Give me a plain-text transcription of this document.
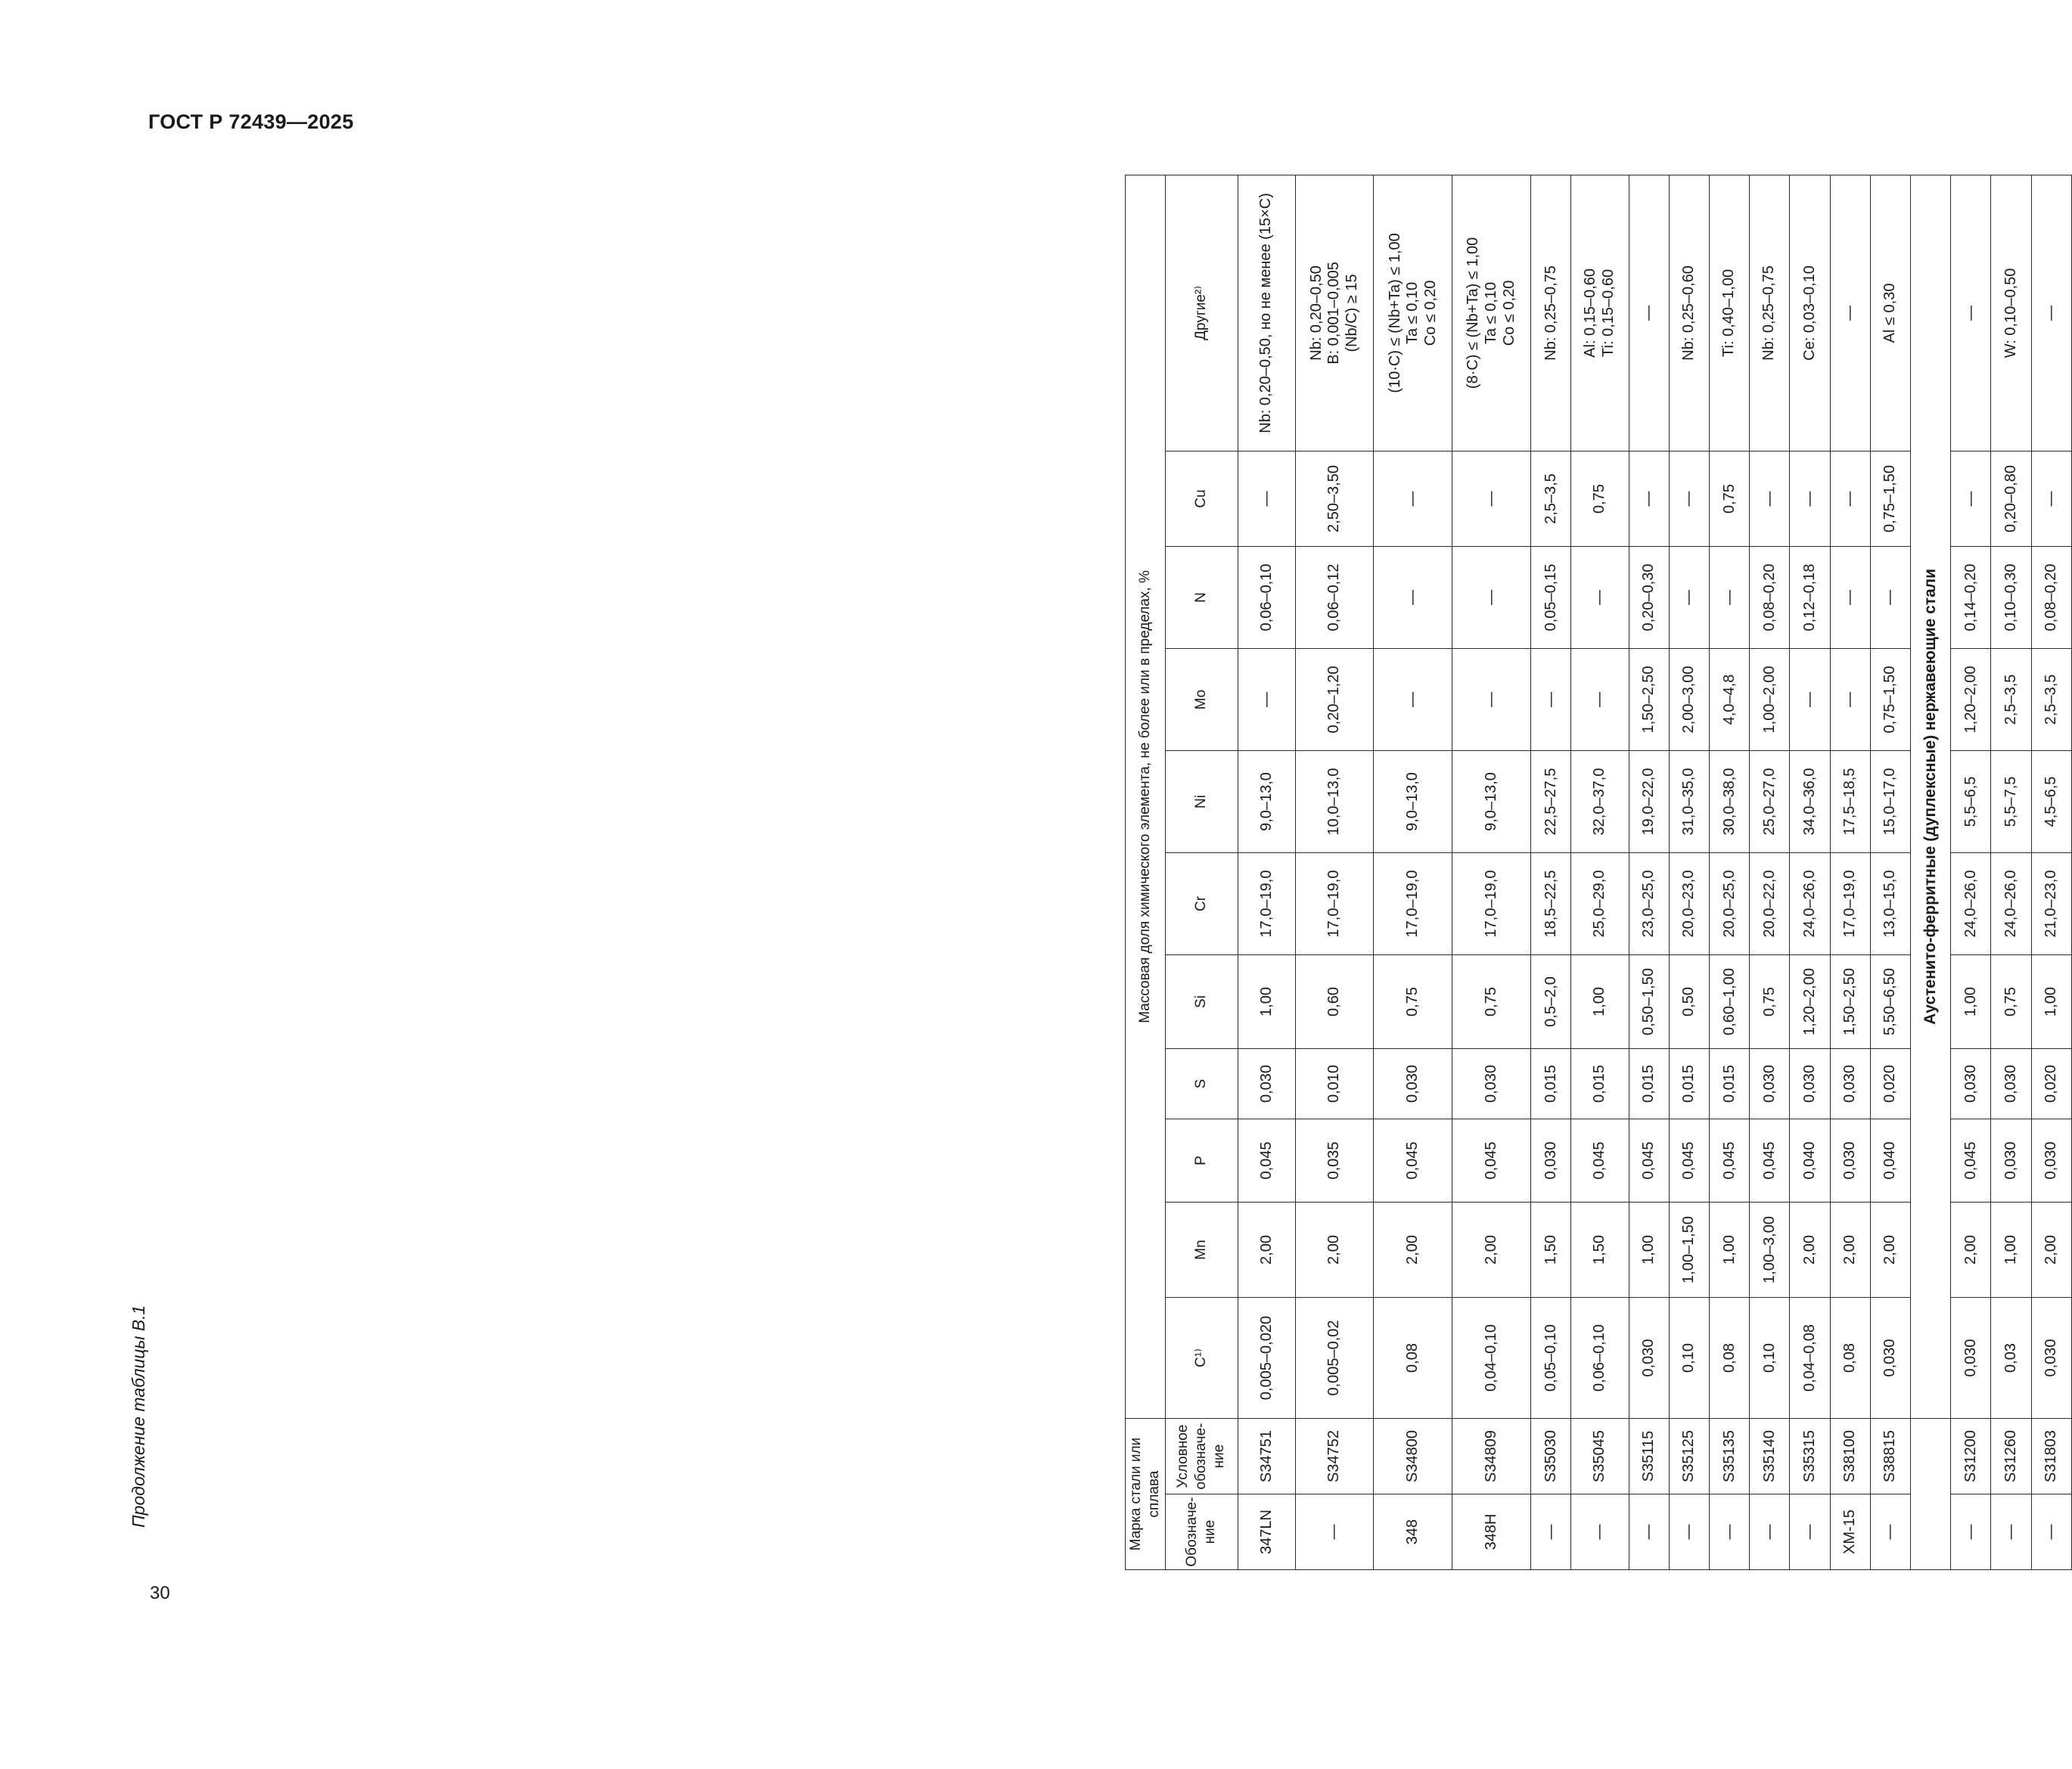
ГОСТ Р 72439—2025
30
Продолжение таблицы В.1	Марка стали или сплава		Массовая доля химического элемента, не более или в пределах, %										
Обозначе-ние	Условное обозначе-ние	C¹⁾	Mn	P	S	Si	Cr	Ni	Mo	N	Cu	Другие²⁾
347LN	S34751	0,005–0,020	2,00	0,045	0,030	1,00	17,0–19,0	9,0–13,0	—	0,06–0,10	—	Nb: 0,20–0,50, но не менее (15×C)
—	S34752	0,005–0,02	2,00	0,035	0,010	0,60	17,0–19,0	10,0–13,0	0,20–1,20	0,06–0,12	2,50–3,50	Nb: 0,20–0,50
B: 0,001–0,005
(Nb/C) ≥ 15
348	S34800	0,08	2,00	0,045	0,030	0,75	17,0–19,0	9,0–13,0	—	—	—	(10·C) ≤ (Nb+Ta) ≤ 1,00
Ta ≤ 0,10
Co ≤ 0,20
348H	S34809	0,04–0,10	2,00	0,045	0,030	0,75	17,0–19,0	9,0–13,0	—	—	—	(8·C) ≤ (Nb+Ta) ≤ 1,00
Ta ≤ 0,10
Co ≤ 0,20
—	S35030	0,05–0,10	1,50	0,030	0,015	0,5–2,0	18,5–22,5	22,5–27,5	—	0,05–0,15	2,5–3,5	Nb: 0,25–0,75
—	S35045	0,06–0,10	1,50	0,045	0,015	1,00	25,0–29,0	32,0–37,0	—	—	0,75	Al: 0,15–0,60
Ti: 0,15–0,60
—	S35115	0,030	1,00	0,045	0,015	0,50–1,50	23,0–25,0	19,0–22,0	1,50–2,50	0,20–0,30	—	—
—	S35125	0,10	1,00–1,50	0,045	0,015	0,50	20,0–23,0	31,0–35,0	2,00–3,00	—	—	Nb: 0,25–0,60
—	S35135	0,08	1,00	0,045	0,015	0,60–1,00	20,0–25,0	30,0–38,0	4,0–4,8	—	0,75	Ti: 0,40–1,00
—	S35140	0,10	1,00–3,00	0,045	0,030	0,75	20,0–22,0	25,0–27,0	1,00–2,00	0,08–0,20	—	Nb: 0,25–0,75
—	S35315	0,04–0,08	2,00	0,040	0,030	1,20–2,00	24,0–26,0	34,0–36,0	—	0,12–0,18	—	Ce: 0,03–0,10
XM-15	S38100	0,08	2,00	0,030	0,030	1,50–2,50	17,0–19,0	17,5–18,5	—	—	—	—
—	S38815	0,030	2,00	0,040	0,020	5,50–6,50	13,0–15,0	15,0–17,0	0,75–1,50	—	0,75–1,50	Al ≤ 0,30
		Аустенито-ферритные (дуплексные) нержавеющие стали										
—	S31200	0,030	2,00	0,045	0,030	1,00	24,0–26,0	5,5–6,5	1,20–2,00	0,14–0,20	—	—
—	S31260	0,03	1,00	0,030	0,030	0,75	24,0–26,0	5,5–7,5	2,5–3,5	0,10–0,30	0,20–0,80	W: 0,10–0,50
—	S31803	0,030	2,00	0,030	0,020	1,00	21,0–23,0	4,5–6,5	2,5–3,5	0,08–0,20	—	—
